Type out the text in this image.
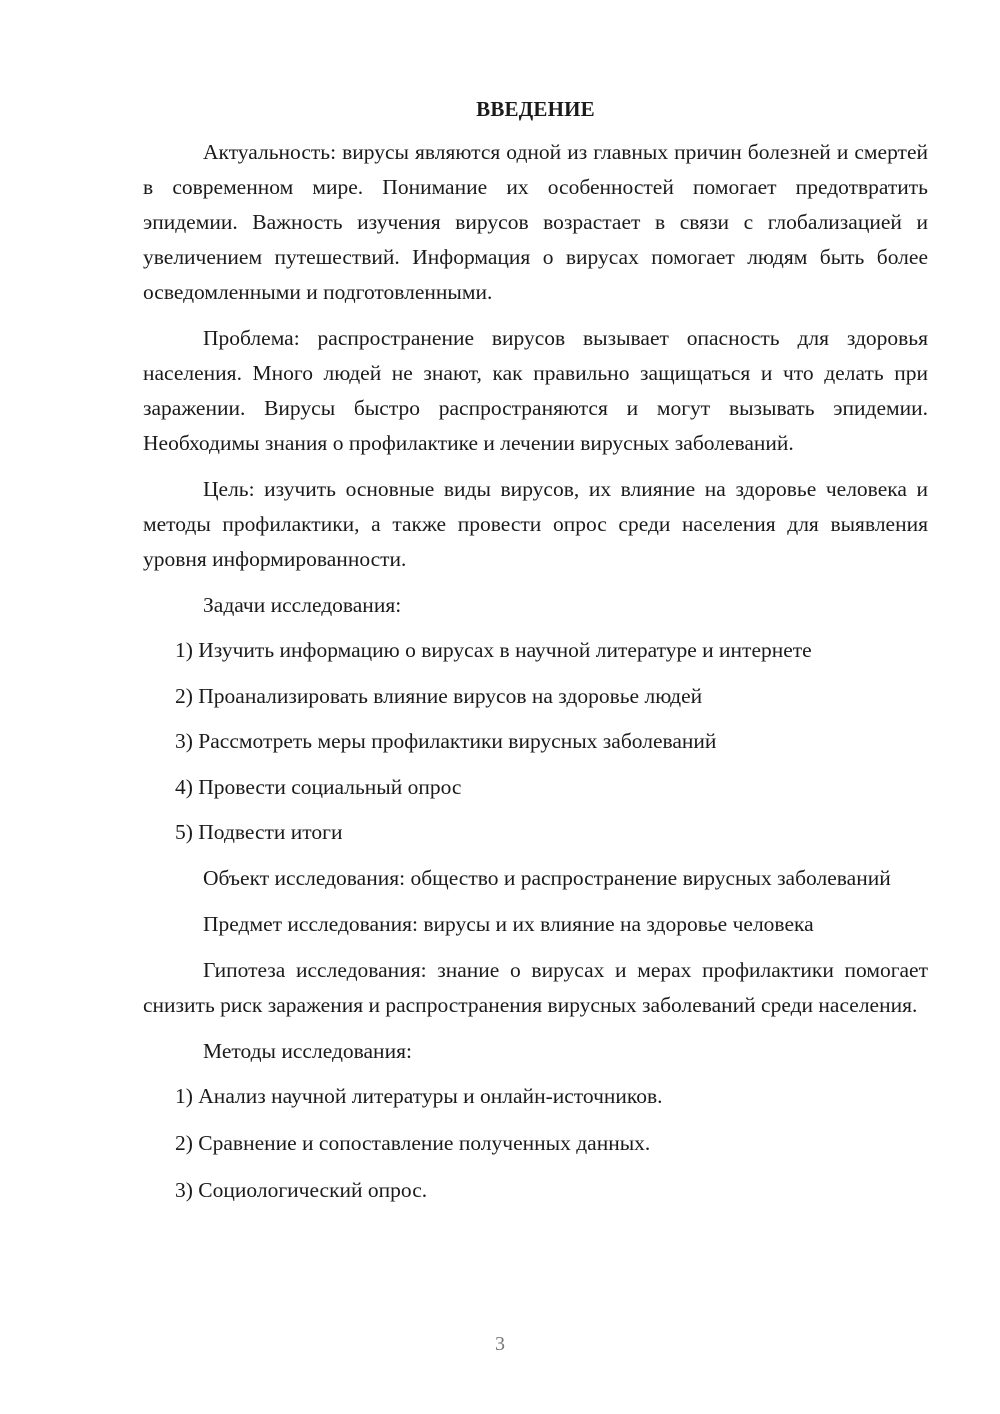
ВВЕДЕНИЕ

Актуальность: вирусы являются одной из главных причин болезней и смертей в современном мире. Понимание их особенностей помогает предотвратить эпидемии. Важность изучения вирусов возрастает в связи с глобализацией и увеличением путешествий. Информация о вирусах помогает людям быть более осведомленными и подготовленными.

Проблема: распространение вирусов вызывает опасность для здоровья населения. Много людей не знают, как правильно защищаться и что делать при заражении. Вирусы быстро распространяются и могут вызывать эпидемии. Необходимы знания о профилактике и лечении вирусных заболеваний.

Цель: изучить основные виды вирусов, их влияние на здоровье человека и методы профилактики, а также провести опрос среди населения для выявления уровня информированности.

Задачи исследования:

1) Изучить информацию о вирусах в научной литературе и интернете
2) Проанализировать влияние вирусов на здоровье людей
3) Рассмотреть меры профилактики вирусных заболеваний
4) Провести социальный опрос
5) Подвести итоги

Объект исследования: общество и распространение вирусных заболеваний

Предмет исследования: вирусы и их влияние на здоровье человека

Гипотеза исследования: знание о вирусах и мерах профилактики помогает снизить риск заражения и распространения вирусных заболеваний среди населения.

Методы исследования:

1) Анализ научной литературы и онлайн-источников.
2) Сравнение и сопоставление полученных данных.
3) Социологический опрос.
3
